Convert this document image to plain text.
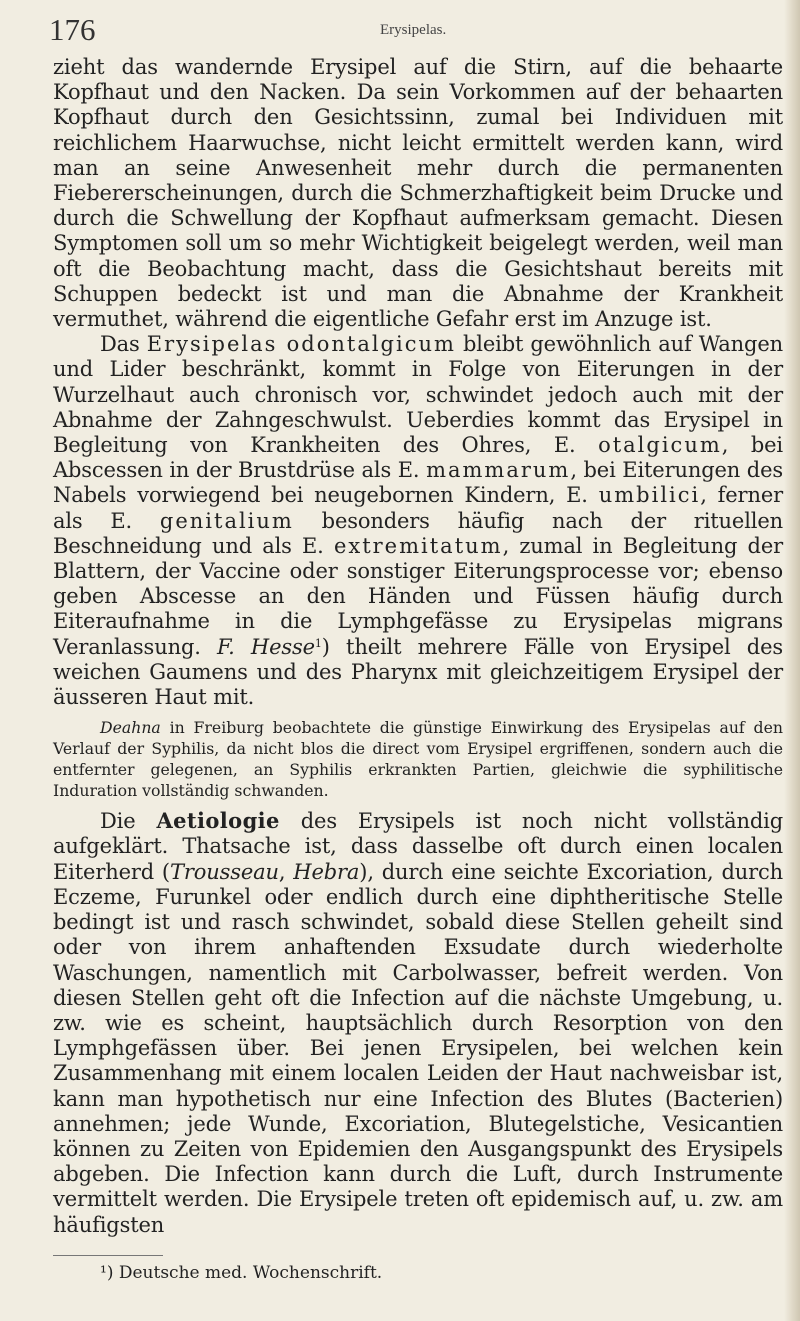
176	Erysipelas.

zieht das wandernde Erysipel auf die Stirn, auf die behaarte Kopfhaut und den Nacken. Da sein Vorkommen auf der behaarten Kopfhaut durch den Gesichtssinn, zumal bei Individuen mit reichlichem Haarwuchse, nicht leicht ermittelt werden kann, wird man an seine Anwesenheit mehr durch die permanenten Fiebererscheinungen, durch die Schmerzhaftigkeit beim Drucke und durch die Schwellung der Kopfhaut aufmerksam gemacht. Diesen Symptomen soll um so mehr Wichtigkeit beigelegt werden, weil man oft die Beobachtung macht, dass die Gesichtshaut bereits mit Schuppen bedeckt ist und man die Abnahme der Krankheit vermuthet, während die eigentliche Gefahr erst im Anzuge ist.

Das Erysipelas odontalgicum bleibt gewöhnlich auf Wangen und Lider beschränkt, kommt in Folge von Eiterungen in der Wurzelhaut auch chronisch vor, schwindet jedoch auch mit der Abnahme der Zahngeschwulst. Ueberdies kommt das Erysipel in Begleitung von Krankheiten des Ohres, E. otalgicum, bei Abscessen in der Brustdrüse als E. mammarum, bei Eiterungen des Nabels vorwiegend bei neugebornen Kindern, E. umbilici, ferner als E. genitalium besonders häufig nach der rituellen Beschneidung und als E. extremitatum, zumal in Begleitung der Blattern, der Vaccine oder sonstiger Eiterungsprocesse vor; ebenso geben Abscesse an den Händen und Füssen häufig durch Eiteraufnahme in die Lymphgefässe zu Erysipelas migrans Veranlassung. F. Hesse$^1$) theilt mehrere Fälle von Erysipel des weichen Gaumens und des Pharynx mit gleichzeitigem Erysipel der äusseren Haut mit.

Deahna in Freiburg beobachtete die günstige Einwirkung des Erysipelas auf den Verlauf der Syphilis, da nicht blos die direct vom Erysipel ergriffenen, sondern auch die entfernter gelegenen, an Syphilis erkrankten Partien, gleichwie die syphilitische Induration vollständig schwanden.

Die Aetiologie des Erysipels ist noch nicht vollständig aufgeklärt. Thatsache ist, dass dasselbe oft durch einen localen Eiterherd (Trousseau, Hebra), durch eine seichte Excoriation, durch Eczeme, Furunkel oder endlich durch eine diphtheritische Stelle bedingt ist und rasch schwindet, sobald diese Stellen geheilt sind oder von ihrem anhaftenden Exsudate durch wiederholte Waschungen, namentlich mit Carbolwasser, befreit werden. Von diesen Stellen geht oft die Infection auf die nächste Umgebung, u. zw. wie es scheint, hauptsächlich durch Resorption von den Lymphgefässen über. Bei jenen Erysipelen, bei welchen kein Zusammenhang mit einem localen Leiden der Haut nachweisbar ist, kann man hypothetisch nur eine Infection des Blutes (Bacterien) annehmen; jede Wunde, Excoriation, Blutegelstiche, Vesicantien können zu Zeiten von Epidemien den Ausgangspunkt des Erysipels abgeben. Die Infection kann durch die Luft, durch Instrumente vermittelt werden. Die Erysipele treten oft epidemisch auf, u. zw. am häufigsten

¹) Deutsche med. Wochenschrift.
